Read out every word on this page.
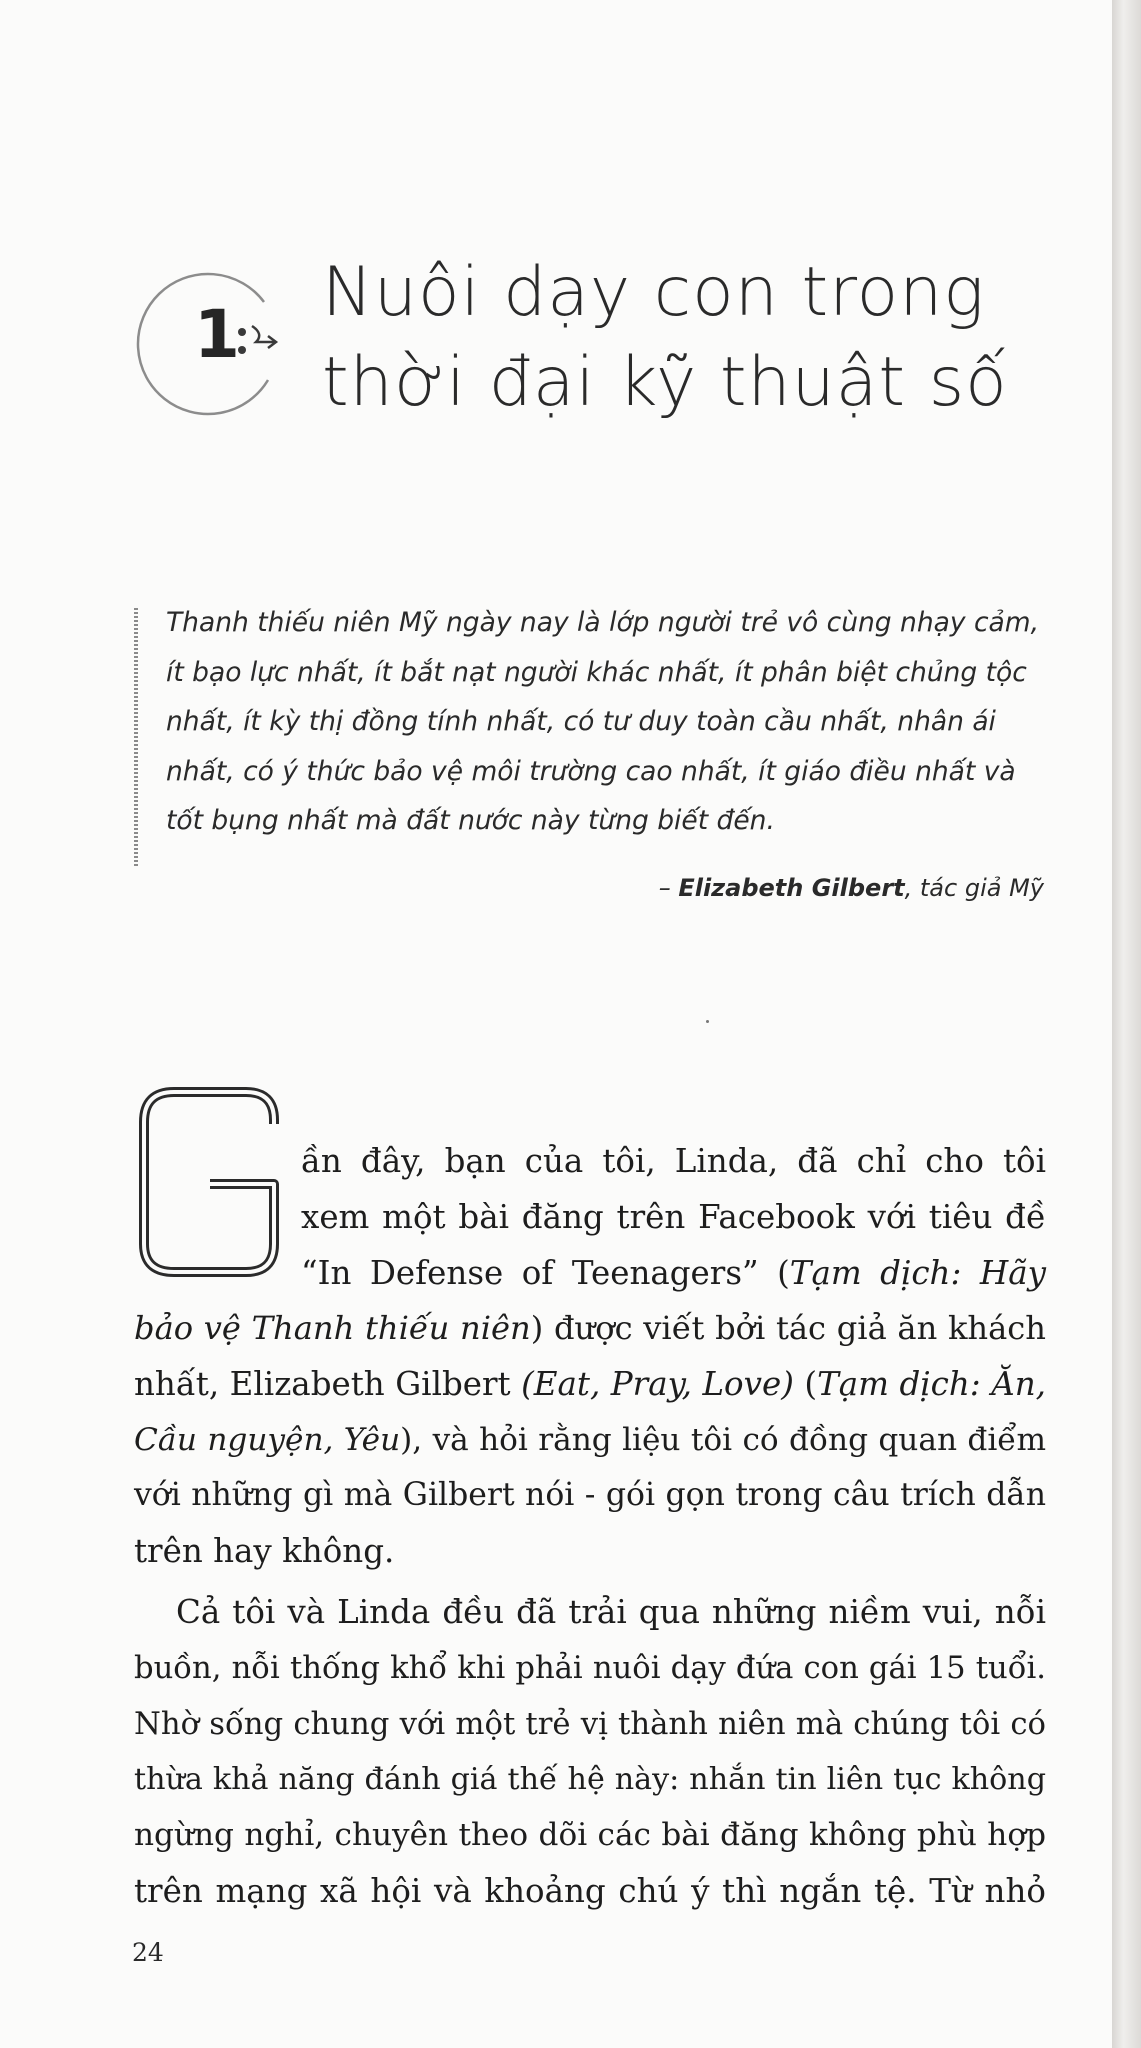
1
Nuôi dạy con trong
thời đại kỹ thuật số
Thanh thiếu niên Mỹ ngày nay là lớp người trẻ vô cùng nhạy cảm,
ít bạo lực nhất, ít bắt nạt người khác nhất, ít phân biệt chủng tộc
nhất, ít kỳ thị đồng tính nhất, có tư duy toàn cầu nhất, nhân ái
nhất, có ý thức bảo vệ môi trường cao nhất, ít giáo điều nhất và
tốt bụng nhất mà đất nước này từng biết đến.
– Elizabeth Gilbert, tác giả Mỹ
ần đây, bạn của tôi, Linda, đã chỉ cho tôi
xem một bài đăng trên Facebook với tiêu đề
“In Defense of Teenagers” (Tạm dịch: Hãy
bảo vệ Thanh thiếu niên) được viết bởi tác giả ăn khách
nhất, Elizabeth Gilbert (Eat, Pray, Love) (Tạm dịch: Ăn,
Cầu nguyện, Yêu), và hỏi rằng liệu tôi có đồng quan điểm
với những gì mà Gilbert nói - gói gọn trong câu trích dẫn
trên hay không.
Cả tôi và Linda đều đã trải qua những niềm vui, nỗi
buồn, nỗi thống khổ khi phải nuôi dạy đứa con gái 15 tuổi.
Nhờ sống chung với một trẻ vị thành niên mà chúng tôi có
thừa khả năng đánh giá thế hệ này: nhắn tin liên tục không
ngừng nghỉ, chuyên theo dõi các bài đăng không phù hợp
trên mạng xã hội và khoảng chú ý thì ngắn tệ. Từ nhỏ
24
